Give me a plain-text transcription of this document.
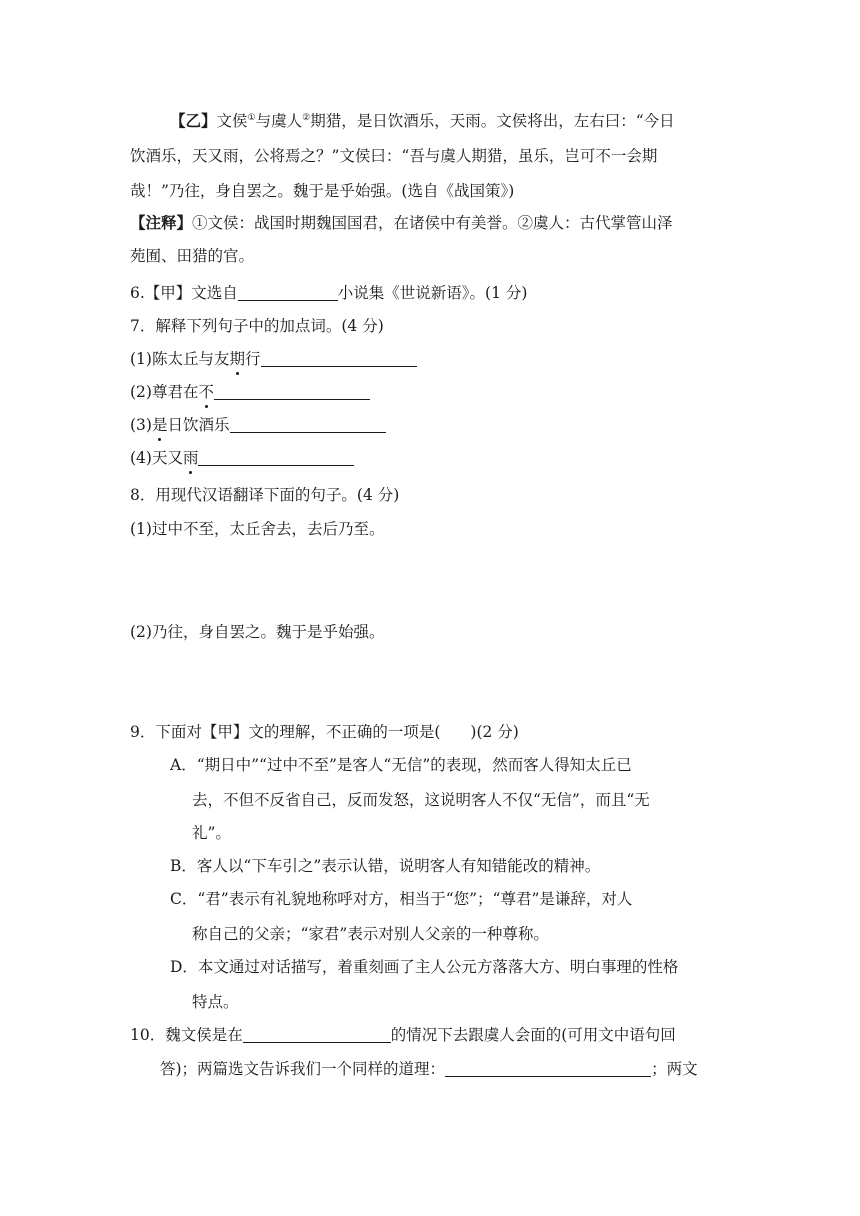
【乙】文侯①与虞人②期猎，是日饮酒乐，天雨。文侯将出，左右曰：“今日
饮酒乐，天又雨，公将焉之？”文侯曰：“吾与虞人期猎，虽乐，岂可不一会期
哉！”乃往，身自罢之。魏于是乎始强。(选自《战国策》)
【注释】①文侯：战国时期魏国国君，在诸侯中有美誉。②虞人：古代掌管山泽
苑囿、田猎的官。
6.【甲】文选自	小说集《世说新语》。(1 分)
7．解释下列句子中的加点词。(4 分)
(1)陈太丘与友期行
(2)尊君在不
(3)是日饮酒乐
(4)天又雨
8．用现代汉语翻译下面的句子。(4 分)
(1)过中不至，太丘舍去，去后乃至。
(2)乃往，身自罢之。魏于是乎始强。
9．下面对【甲】文的理解，不正确的一项是( )(2 分)
A．“期日中”“过中不至”是客人“无信”的表现，然而客人得知太丘已
去，不但不反省自己，反而发怒，这说明客人不仅“无信”，而且“无
礼”。
B．客人以“下车引之”表示认错，说明客人有知错能改的精神。
C．“君”表示有礼貌地称呼对方，相当于“您”；“尊君”是谦辞，对人
称自己的父亲；“家君”表示对别人父亲的一种尊称。
D．本文通过对话描写，着重刻画了主人公元方落落大方、明白事理的性格
特点。
10．魏文侯是在	的情况下去跟虞人会面的(可用文中语句回
答)；两篇选文告诉我们一个同样的道理：	；两文
